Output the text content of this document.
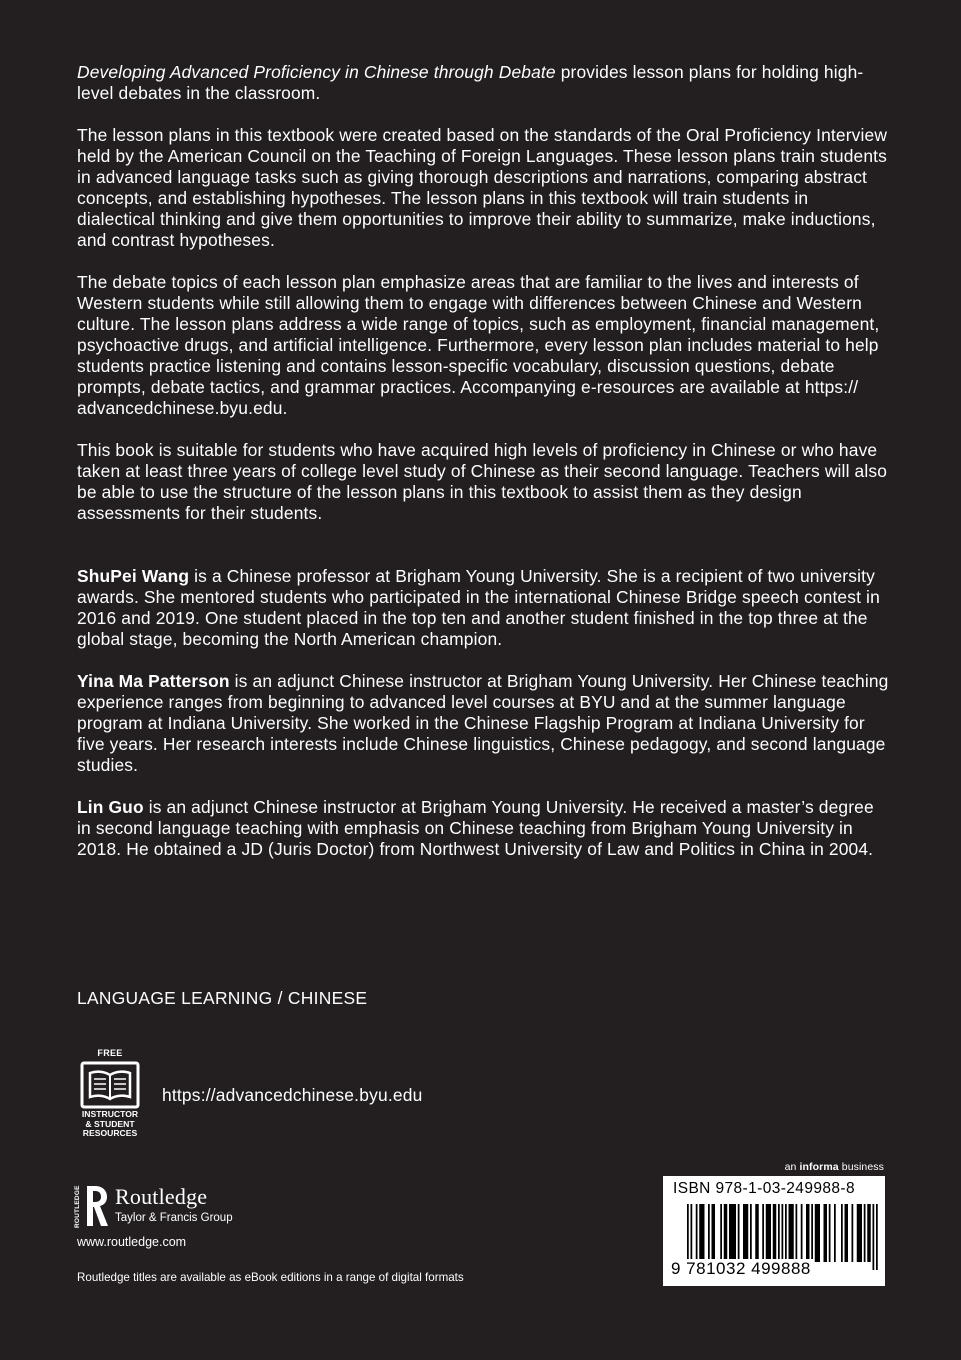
Developing Advanced Proficiency in Chinese through Debate provides lesson plans for holding high-level debates in the classroom.

The lesson plans in this textbook were created based on the standards of the Oral Proficiency Interview held by the American Council on the Teaching of Foreign Languages. These lesson plans train students in advanced language tasks such as giving thorough descriptions and narrations, comparing abstract concepts, and establishing hypotheses. The lesson plans in this textbook will train students in dialectical thinking and give them opportunities to improve their ability to summarize, make inductions, and contrast hypotheses.

The debate topics of each lesson plan emphasize areas that are familiar to the lives and interests of Western students while still allowing them to engage with differences between Chinese and Western culture. The lesson plans address a wide range of topics, such as employment, financial management, psychoactive drugs, and artificial intelligence. Furthermore, every lesson plan includes material to help students practice listening and contains lesson-specific vocabulary, discussion questions, debate prompts, debate tactics, and grammar practices. Accompanying e-resources are available at https:// advancedchinese.byu.edu.

This book is suitable for students who have acquired high levels of proficiency in Chinese or who have taken at least three years of college level study of Chinese as their second language. Teachers will also be able to use the structure of the lesson plans in this textbook to assist them as they design assessments for their students.

ShuPei Wang is a Chinese professor at Brigham Young University. She is a recipient of two university awards. She mentored students who participated in the international Chinese Bridge speech contest in 2016 and 2019. One student placed in the top ten and another student finished in the top three at the global stage, becoming the North American champion.

Yina Ma Patterson is an adjunct Chinese instructor at Brigham Young University. Her Chinese teaching experience ranges from beginning to advanced level courses at BYU and at the summer language program at Indiana University. She worked in the Chinese Flagship Program at Indiana University for five years. Her research interests include Chinese linguistics, Chinese pedagogy, and second language studies.

Lin Guo is an adjunct Chinese instructor at Brigham Young University. He received a master’s degree in second language teaching with emphasis on Chinese teaching from Brigham Young University in 2018. He obtained a JD (Juris Doctor) from Northwest University of Law and Politics in China in 2004.

LANGUAGE LEARNING / CHINESE
FREE
INSTRUCTOR
& STUDENT
RESOURCES
https://advancedchinese.byu.edu
ROUTLEDGE Routledge
Taylor & Francis Group
www.routledge.com
Routledge titles are available as eBook editions in a range of digital formats
an informa business
ISBN 978-1-03-249988-8
9 781032 499888
